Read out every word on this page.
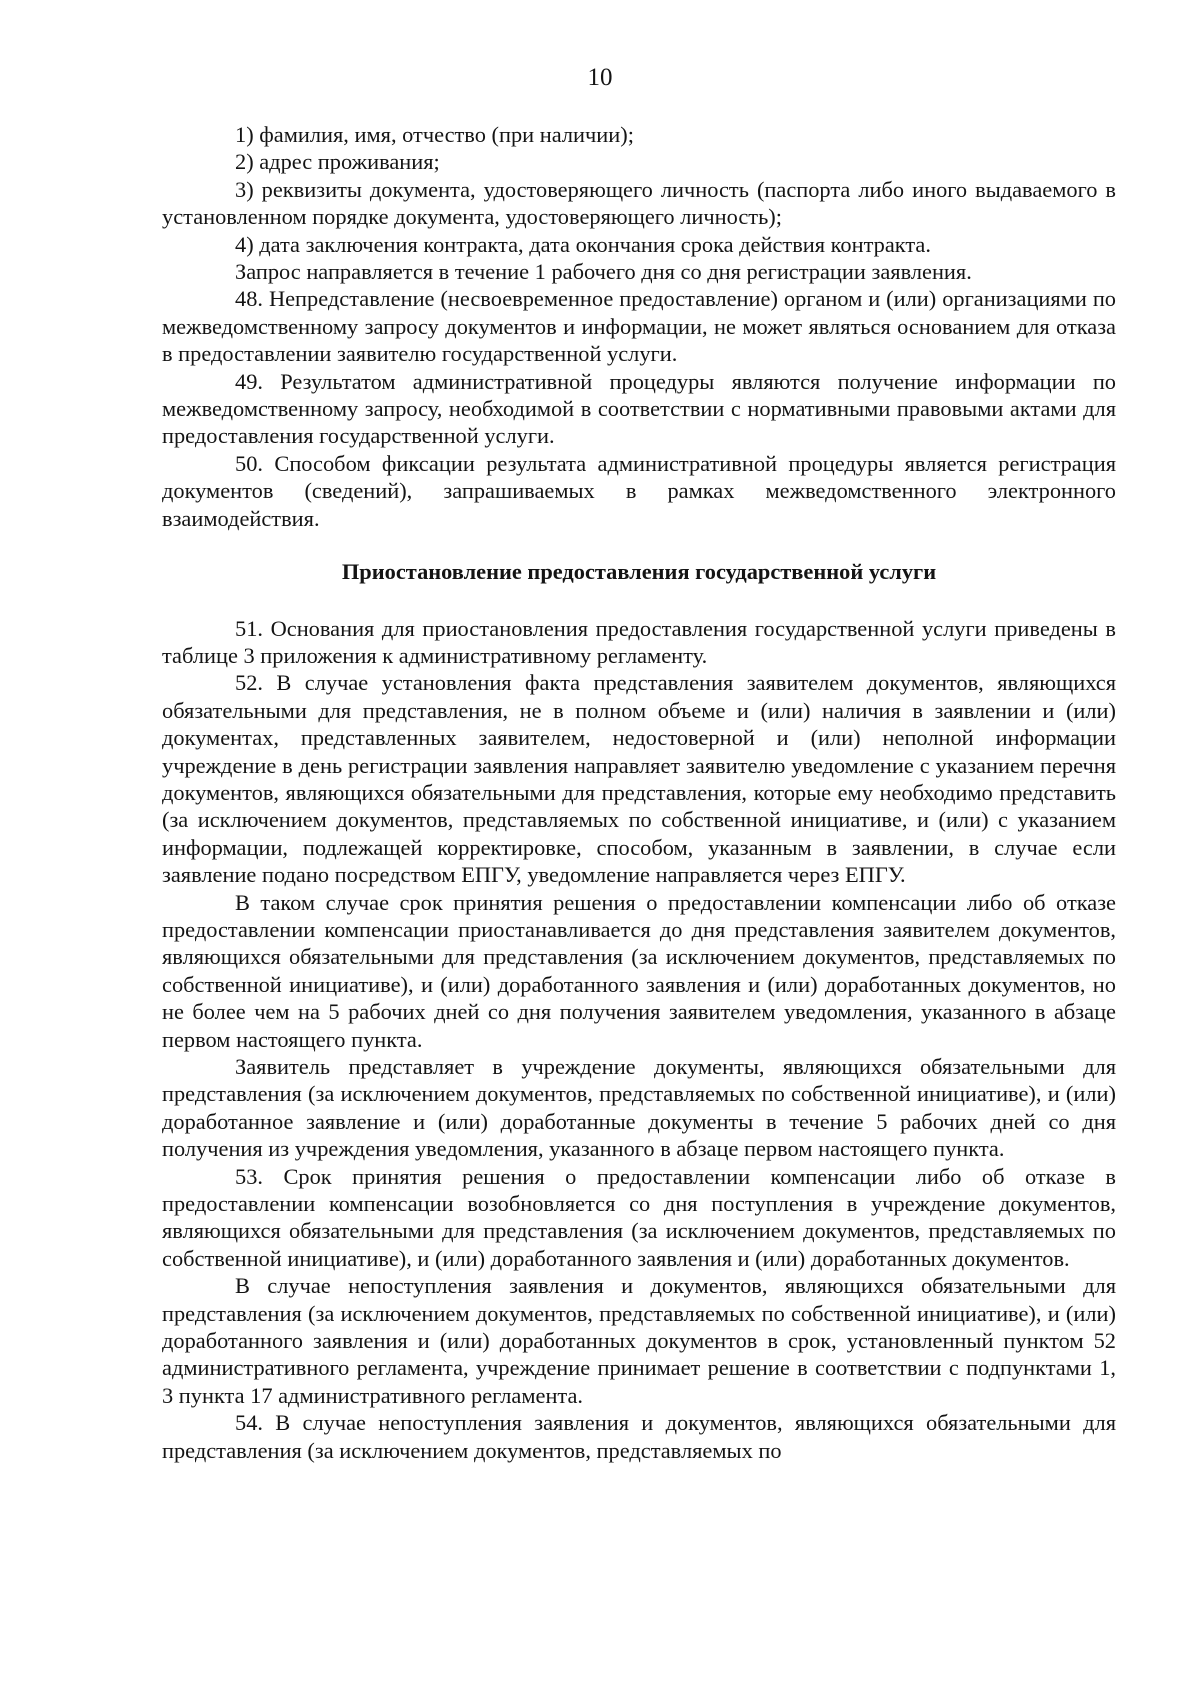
10

1) фамилия, имя, отчество (при наличии);

2) адрес проживания;

3) реквизиты документа, удостоверяющего личность (паспорта либо иного выдаваемого в установленном порядке документа, удостоверяющего личность);

4) дата заключения контракта, дата окончания срока действия контракта.

Запрос направляется в течение 1 рабочего дня со дня регистрации заявления.

48. Непредставление (несвоевременное предоставление) органом и (или) организациями по межведомственному запросу документов и информации, не может являться основанием для отказа в предоставлении заявителю государственной услуги.

49. Результатом административной процедуры являются получение информации по межведомственному запросу, необходимой в соответствии с нормативными правовыми актами для предоставления государственной услуги.

50. Способом фиксации результата административной процедуры является регистрация документов (сведений), запрашиваемых в рамках межведомственного электронного взаимодействия.

Приостановление предоставления государственной услуги

51. Основания для приостановления предоставления государственной услуги приведены в таблице 3 приложения к административному регламенту.

52. В случае установления факта представления заявителем документов, являющихся обязательными для представления, не в полном объеме и (или) наличия в заявлении и (или) документах, представленных заявителем, недостоверной и (или) неполной информации учреждение в день регистрации заявления направляет заявителю уведомление с указанием перечня документов, являющихся обязательными для представления, которые ему необходимо представить (за исключением документов, представляемых по собственной инициативе, и (или) с указанием информации, подлежащей корректировке, способом, указанным в заявлении, в случае если заявление подано посредством ЕПГУ, уведомление направляется через ЕПГУ.

В таком случае срок принятия решения о предоставлении компенсации либо об отказе предоставлении компенсации приостанавливается до дня представления заявителем документов, являющихся обязательными для представления (за исключением документов, представляемых по собственной инициативе), и (или) доработанного заявления и (или) доработанных документов, но не более чем на 5 рабочих дней со дня получения заявителем уведомления, указанного в абзаце первом настоящего пункта.

Заявитель представляет в учреждение документы, являющихся обязательными для представления (за исключением документов, представляемых по собственной инициативе), и (или) доработанное заявление и (или) доработанные документы в течение 5 рабочих дней со дня получения из учреждения уведомления, указанного в абзаце первом настоящего пункта.

53. Срок принятия решения о предоставлении компенсации либо об отказе в предоставлении компенсации возобновляется со дня поступления в учреждение документов, являющихся обязательными для представления (за исключением документов, представляемых по собственной инициативе), и (или) доработанного заявления и (или) доработанных документов.

В случае непоступления заявления и документов, являющихся обязательными для представления (за исключением документов, представляемых по собственной инициативе), и (или) доработанного заявления и (или) доработанных документов в срок, установленный пунктом 52 административного регламента, учреждение принимает решение в соответствии с подпунктами 1, 3 пункта 17 административного регламента.

54. В случае непоступления заявления и документов, являющихся обязательными для представления (за исключением документов, представляемых по
